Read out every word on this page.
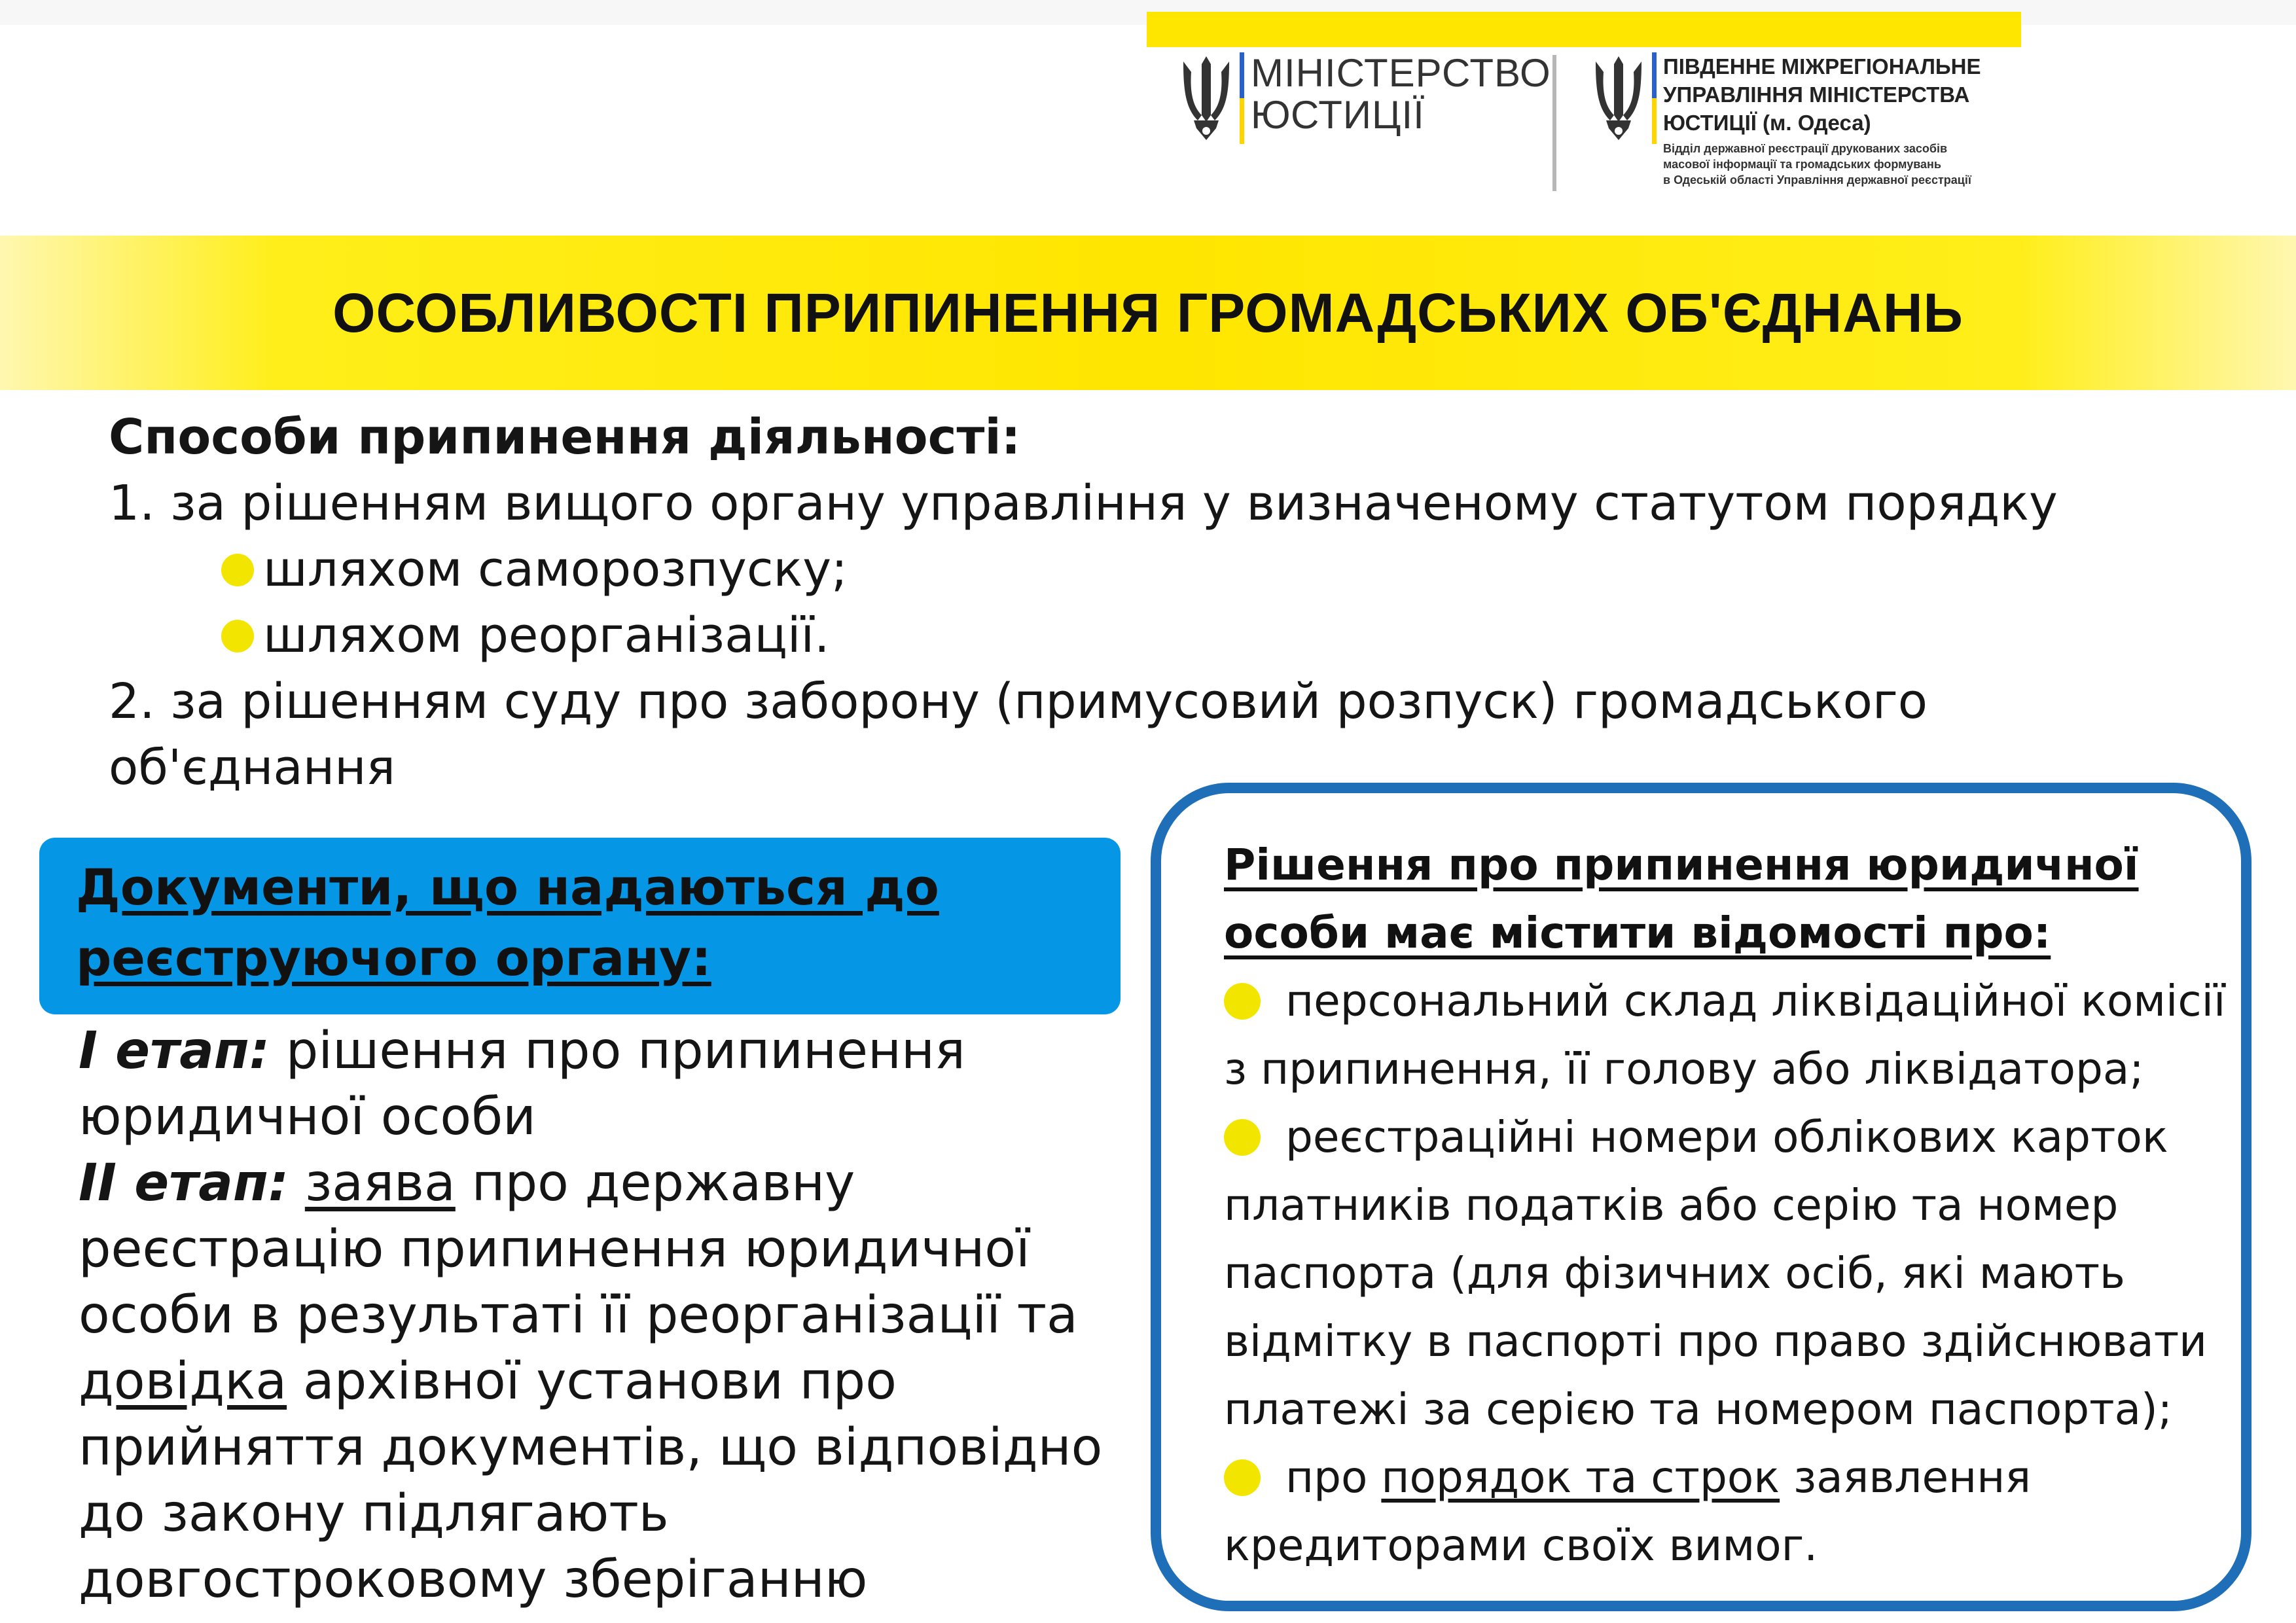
МІНІСТЕРСТВО
ЮСТИЦІЇ
ПІВДЕННЕ МІЖРЕГІОНАЛЬНЕ
УПРАВЛІННЯ МІНІСТЕРСТВА
ЮСТИЦІЇ (м. Одеса)
Відділ державної реєстрації друкованих засобів
масової інформації та громадських формувань
в Одеській області Управління державної реєстрації
ОСОБЛИВОСТІ ПРИПИНЕННЯ ГРОМАДСЬКИХ ОБ'ЄДНАНЬ
Способи припинення діяльності:
1. за рішенням вищого органу управління у визначеному статутом порядку
шляхом саморозпуску;
шляхом реорганізації.
2. за рішенням суду про заборону (примусовий розпуск) громадського
об'єднання
Документи, що надаються до
реєструючого органу:
І етап: рішення про припинення
юридичної особи
ІІ етап: заява про державну
реєстрацію припинення юридичної
особи в результаті її реорганізації та
довідка архівної установи про
прийняття документів, що відповідно
до закону підлягають
довгостроковому зберіганню
Рішення про припинення юридичної
особи має містити відомості про:
персональний склад ліквідаційної комісії
з припинення, її голову або ліквідатора;
реєстраційні номери облікових карток
платників податків або серію та номер
паспорта (для фізичних осіб, які мають
відмітку в паспорті про право здійснювати
платежі за серією та номером паспорта);
про порядок та строк заявлення
кредиторами своїх вимог.
